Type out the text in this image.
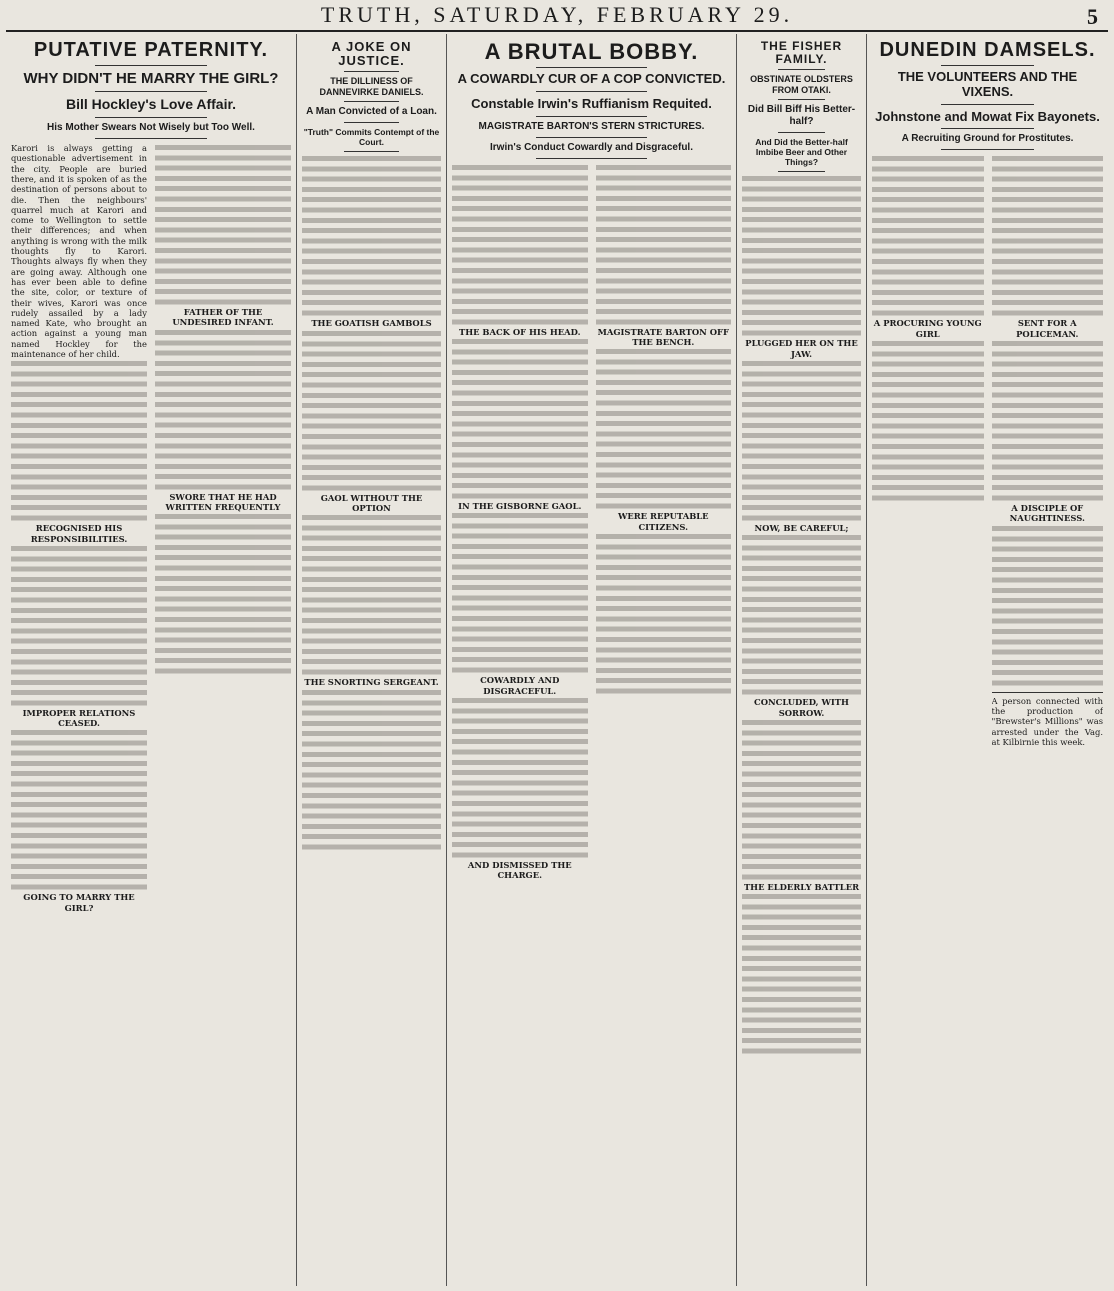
TRUTH, SATURDAY, FEBRUARY 29.	5
PUTATIVE PATERNITY.
WHY DIDN'T HE MARRY THE GIRL?
Bill Hockley's Love Affair.
His Mother Swears Not Wisely but Too Well.

Karori is always getting a questionable advertisement in the city. People are buried there, and it is spoken of as the destination of persons about to die. Then the neighbours' quarrel much at Karori and come to Wellington to settle their differences; and when anything is wrong with the milk thoughts fly to Karori. Thoughts always fly when they are going away. Although one has ever been able to define the site, color, or texture of their wives, Karori was once rudely assailed by a lady named Kate, who brought an action against a young man named Hockley for the maintenance of her child.

RECOGNISED HIS RESPONSIBILITIES.

IMPROPER RELATIONS CEASED.

GOING TO MARRY THE GIRL?

FATHER OF THE UNDESIRED INFANT.

SWORE THAT HE HAD WRITTEN FREQUENTLY

A JOKE ON JUSTICE.
THE DILLINESS OF DANNEVIRKE DANIELS.
A Man Convicted of a Loan.
"Truth" Commits Contempt of the Court.

THE GOATISH GAMBOLS

GAOL WITHOUT THE OPTION

THE SNORTING SERGEANT.

A BRUTAL BOBBY.
A COWARDLY CUR OF A COP CONVICTED.
Constable Irwin's Ruffianism Requited.
MAGISTRATE BARTON'S STERN STRICTURES.
Irwin's Conduct Cowardly and Disgraceful.

THE BACK OF HIS HEAD.

IN THE GISBORNE GAOL.

COWARDLY AND DISGRACEFUL.

AND DISMISSED THE CHARGE.

MAGISTRATE BARTON OFF THE BENCH.

WERE REPUTABLE CITIZENS.

THE FISHER FAMILY.
OBSTINATE OLDSTERS FROM OTAKI.
Did Bill Biff His Better-half?
And Did the Better-half Imbibe Beer and Other Things?

PLUGGED HER ON THE JAW.

NOW, BE CAREFUL;

CONCLUDED, WITH SORROW.

THE ELDERLY BATTLER

DUNEDIN DAMSELS.
THE VOLUNTEERS AND THE VIXENS.
Johnstone and Mowat Fix Bayonets.
A Recruiting Ground for Prostitutes.

A PROCURING YOUNG GIRL

SENT FOR A POLICEMAN.

A DISCIPLE OF NAUGHTINESS.

A person connected with the production of "Brewster's Millions" was arrested under the Vag. at Kilbirnie this week.
